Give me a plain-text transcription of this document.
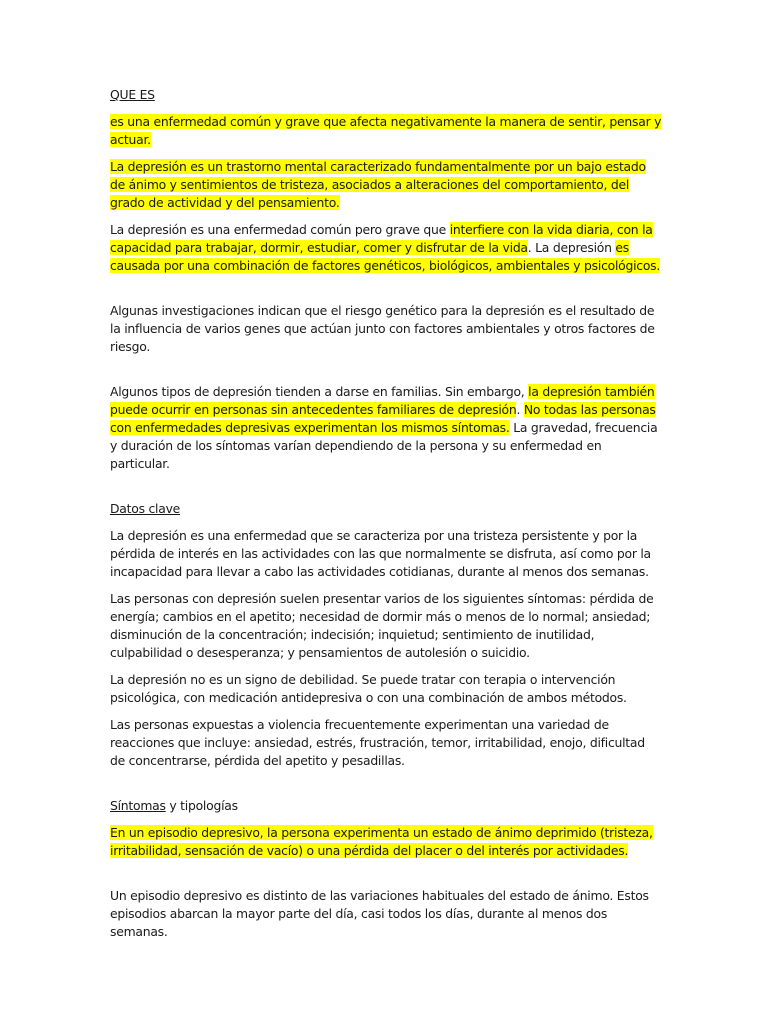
QUE ES

es una enfermedad común y grave que afecta negativamente la manera de sentir, pensar y actuar.

La depresión es un trastorno mental caracterizado fundamentalmente por un bajo estado de ánimo y sentimientos de tristeza, asociados a alteraciones del comportamiento, del grado de actividad y del pensamiento.

La depresión es una enfermedad común pero grave que interfiere con la vida diaria, con la capacidad para trabajar, dormir, estudiar, comer y disfrutar de la vida. La depresión es causada por una combinación de factores genéticos, biológicos, ambientales y psicológicos.

Algunas investigaciones indican que el riesgo genético para la depresión es el resultado de la influencia de varios genes que actúan junto con factores ambientales y otros factores de riesgo.

Algunos tipos de depresión tienden a darse en familias. Sin embargo, la depresión también puede ocurrir en personas sin antecedentes familiares de depresión. No todas las personas con enfermedades depresivas experimentan los mismos síntomas. La gravedad, frecuencia y duración de los síntomas varían dependiendo de la persona y su enfermedad en particular.

Datos clave

La depresión es una enfermedad que se caracteriza por una tristeza persistente y por la pérdida de interés en las actividades con las que normalmente se disfruta, así como por la incapacidad para llevar a cabo las actividades cotidianas, durante al menos dos semanas.

Las personas con depresión suelen presentar varios de los siguientes síntomas: pérdida de energía; cambios en el apetito; necesidad de dormir más o menos de lo normal; ansiedad; disminución de la concentración; indecisión; inquietud; sentimiento de inutilidad, culpabilidad o desesperanza; y pensamientos de autolesión o suicidio.

La depresión no es un signo de debilidad. Se puede tratar con terapia o intervención psicológica, con medicación antidepresiva o con una combinación de ambos métodos.

Las personas expuestas a violencia frecuentemente experimentan una variedad de reacciones que incluye: ansiedad, estrés, frustración, temor, irritabilidad, enojo, dificultad de concentrarse, pérdida del apetito y pesadillas.

Síntomas y tipologías

En un episodio depresivo, la persona experimenta un estado de ánimo deprimido (tristeza, irritabilidad, sensación de vacío) o una pérdida del placer o del interés por actividades.

Un episodio depresivo es distinto de las variaciones habituales del estado de ánimo. Estos episodios abarcan la mayor parte del día, casi todos los días, durante al menos dos semanas.
